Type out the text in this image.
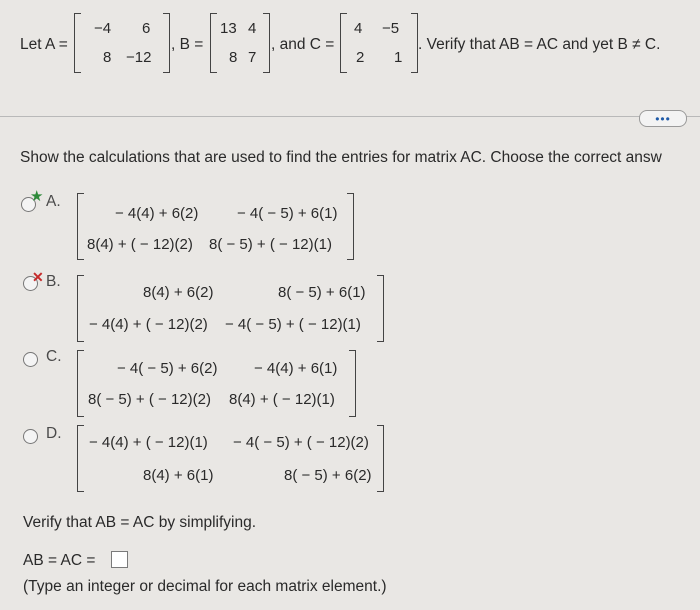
Let A =
−4 6
8 −12
, B =
13 4
8 7
, and C =
4 −5
2 1
. Verify that AB = AC and yet B ≠ C.
•••
Show the calculations that are used to find the entries for matrix AC. Choose the correct answ
★ A.
− 4(4) + 6(2)	− 4( − 5) + 6(1)
8(4) + ( − 12)(2) 8( − 5) + ( − 12)(1)
✕ B.
8(4) + 6(2)	8( − 5) + 6(1)
− 4(4) + ( − 12)(2) − 4( − 5) + ( − 12)(1)
C.
− 4( − 5) + 6(2) − 4(4) + 6(1)
8( − 5) + ( − 12)(2) 8(4) + ( − 12)(1)
D.
− 4(4) + ( − 12)(1) − 4( − 5) + ( − 12)(2)
8(4) + 6(1)	8( − 5) + 6(2)
Verify that AB = AC by simplifying.
AB = AC =
(Type an integer or decimal for each matrix element.)
